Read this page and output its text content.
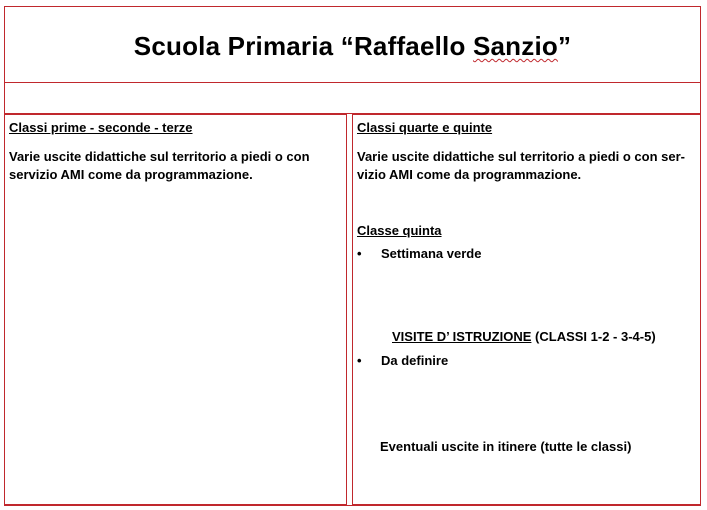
Scuola Primaria “Raffaello Sanzio”
Classi prime - seconde - terze
Varie uscite didattiche sul territorio a piedi o con
servizio AMI come da programmazione.
Classi quarte e quinte
Varie uscite didattiche sul territorio a piedi o con ser-
vizio AMI come da programmazione.
Classe quinta
• Settimana verde
VISITE D’ ISTRUZIONE (CLASSI 1-2 - 3-4-5)
• Da definire
Eventuali uscite in itinere (tutte le classi)
